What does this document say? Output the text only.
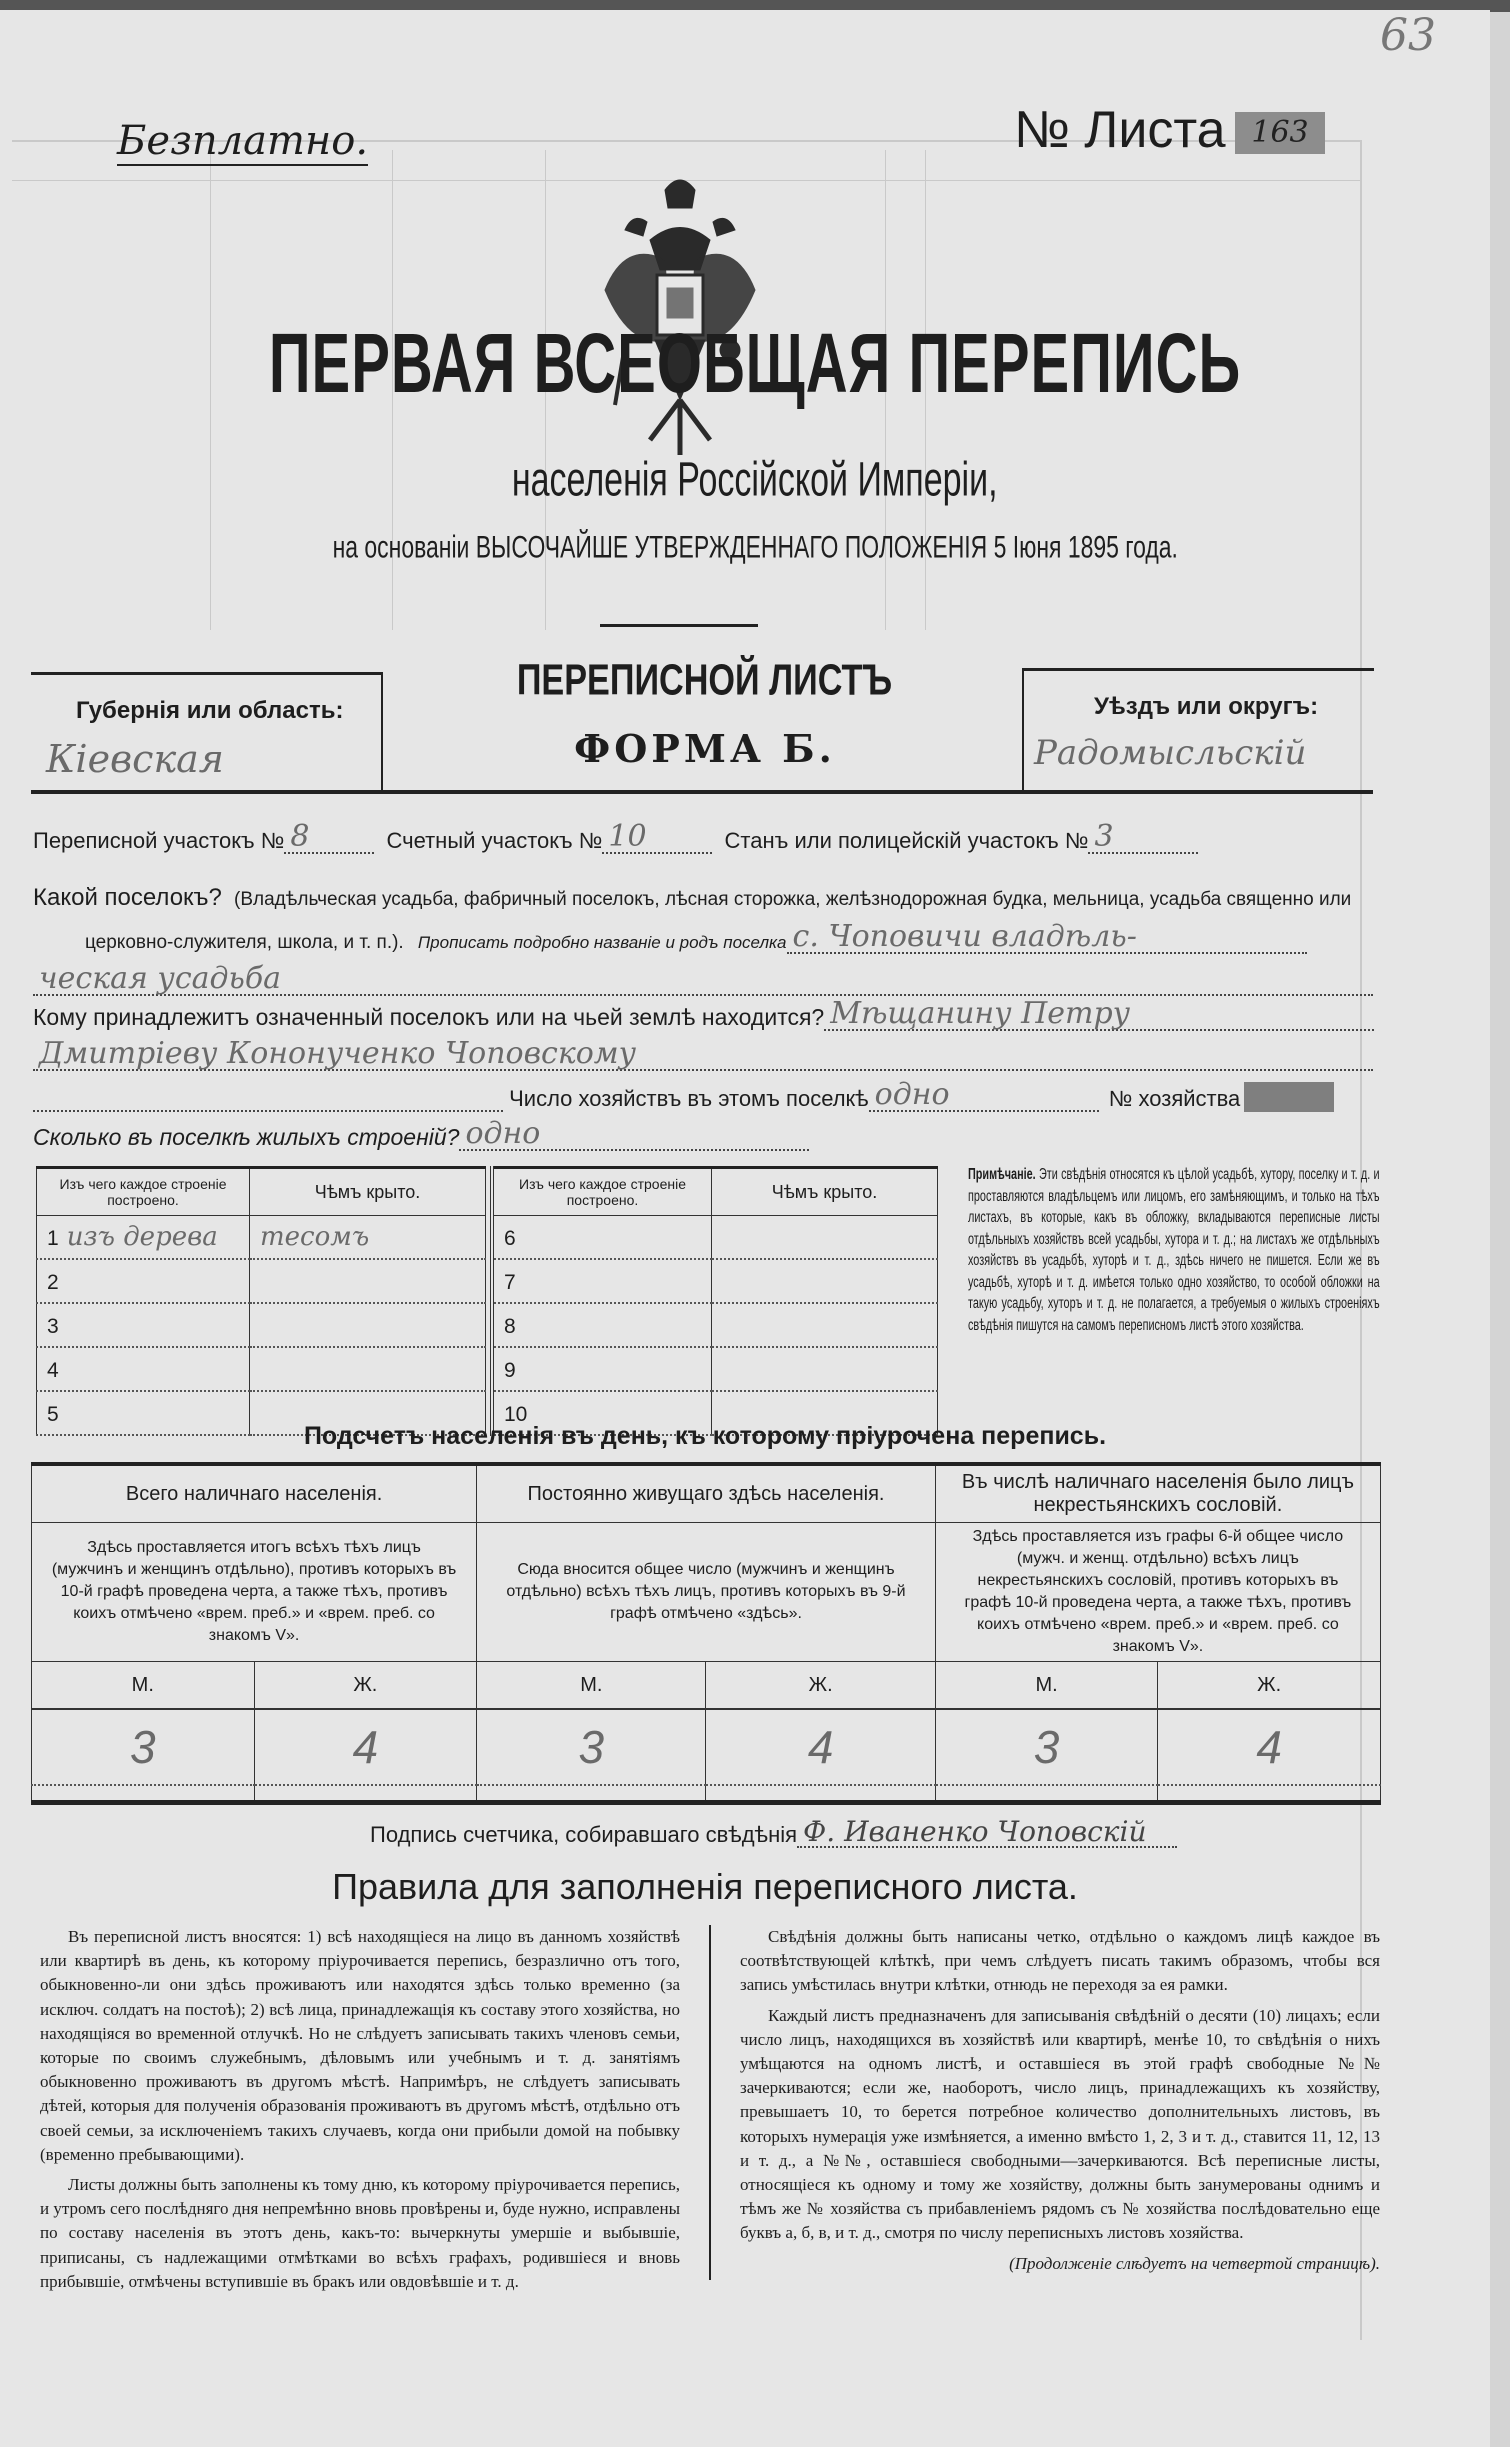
63
Безплатно.	№ Листа 163
ПЕРВАЯ ВСЕОБЩАЯ ПЕРЕПИСЬ
населенія Россійской Имперіи,
на основаніи ВЫСОЧАЙШЕ УТВЕРЖДЕННАГО ПОЛОЖЕНІЯ 5 Іюня 1895 года.
Губернія или область:
Кіевская
ПЕРЕПИСНОЙ ЛИСТЪ
ФОРМА Б.
Уѣздъ или округъ:
Радомысльскій
Переписной участокъ № 8	Счетный участокъ № 10	Станъ или полицейскій участокъ № 3
Какой поселокъ? (Владѣльческая усадьба, фабричный поселокъ, лѣсная сторожка, желѣзнодорожная будка, мельница, усадьба священно или
церковно-служителя, школа, и т. п.). Прописать подробно названіе и родъ поселка с. Чоповичи владѣль-
ческая усадьба
Кому принадлежитъ означенный поселокъ или на чьей землѣ находится? Мѣщанину Петру
Дмитріеву Кононученко Чоповскому
Число хозяйствъ въ этомъ поселкѣ одно	№ хозяйства
Сколько въ поселкѣ жилыхъ строеній? одно
Изъ чего каждое строеніе построено.	Чѣмъ крыто.
1 изъ дерева	тесомъ
2	
3	
4	
5	
Изъ чего каждое строеніе построено.	Чѣмъ крыто.
6	
7	
8	
9	
10	
Примѣчаніе. Эти свѣдѣнія относятся къ цѣлой усадьбѣ, хутору, поселку и т. д. и проставляются владѣльцемъ или лицомъ, его замѣняющимъ, и только на тѣхъ листахъ, въ которые, какъ въ обложку, вкладываются переписные листы отдѣльныхъ хозяйствъ всей усадьбы, хутора и т. д.; на листахъ же отдѣльныхъ хозяйствъ въ усадьбѣ, хуторѣ и т. д., здѣсь ничего не пишется. Если же въ усадьбѣ, хуторѣ и т. д. имѣется только одно хозяйство, то особой обложки на такую усадьбу, хуторъ и т. д. не полагается, а требуемыя о жилыхъ строеніяхъ свѣдѣнія пишутся на самомъ переписномъ листѣ этого хозяйства.
Подсчетъ населенія въ день, къ которому пріурочена перепись.
Всего наличнаго населенія.		Постоянно живущаго здѣсь населенія.		Въ числѣ наличнаго населенія было лицъ некрестьянскихъ сословій.	
Здѣсь проставляется итогъ всѣхъ тѣхъ лицъ (мужчинъ и женщинъ отдѣльно), противъ которыхъ въ 10-й графѣ проведена черта, а также тѣхъ, противъ коихъ отмѣчено «врем. преб.» и «врем. преб. со знакомъ V».		Сюда вносится общее число (мужчинъ и женщинъ отдѣльно) всѣхъ тѣхъ лицъ, противъ которыхъ въ 9-й графѣ отмѣчено «здѣсь».		Здѣсь проставляется изъ графы 6-й общее число (мужч. и женщ. отдѣльно) всѣхъ лицъ некрестьянскихъ сословій, противъ которыхъ въ графѣ 10-й проведена черта, а также тѣхъ, противъ коихъ отмѣчено «врем. преб.» и «врем. преб. со знакомъ V».	
М.	Ж.	М.	Ж.	М.	Ж.
3	4	3	4	3	4

Подпись счетчика, собиравшаго свѣдѣнія Ф. Иваненко Чоповскій
Правила для заполненія переписного листа.

Въ переписной листъ вносятся: 1) всѣ находящіеся на лицо въ данномъ хозяйствѣ или квартирѣ въ день, къ которому пріурочивается перепись, безразлично отъ того, обыкновенно-ли они здѣсь проживаютъ или находятся здѣсь только временно (за исключ. солдатъ на постоѣ); 2) всѣ лица, принадлежащія къ составу этого хозяйства, но находящіяся во временной отлучкѣ. Но не слѣдуетъ записывать такихъ членовъ семьи, которые по своимъ служебнымъ, дѣловымъ или учебнымъ и т. д. занятіямъ обыкновенно проживаютъ въ другомъ мѣстѣ. Напримѣръ, не слѣдуетъ записывать дѣтей, которыя для полученія образованія проживаютъ въ другомъ мѣстѣ, отдѣльно отъ своей семьи, за исключеніемъ такихъ случаевъ, когда они прибыли домой на побывку (временно пребывающими).

Листы должны быть заполнены къ тому дню, къ которому пріурочивается перепись, и утромъ сего послѣдняго дня непремѣнно вновь провѣрены и, буде нужно, исправлены по составу населенія въ этотъ день, какъ-то: вычеркнуты умершіе и выбывшіе, приписаны, съ надлежащими отмѣтками во всѣхъ графахъ, родившіеся и вновь прибывшіе, отмѣчены вступившіе въ бракъ или овдовѣвшіе и т. д.

Свѣдѣнія должны быть написаны четко, отдѣльно о каждомъ лицѣ каждое въ соотвѣтствующей клѣткѣ, при чемъ слѣдуетъ писать такимъ образомъ, чтобы вся запись умѣстилась внутри клѣтки, отнюдь не переходя за ея рамки.

Каждый листъ предназначенъ для записыванія свѣдѣній о десяти (10) лицахъ; если число лицъ, находящихся въ хозяйствѣ или квартирѣ, менѣе 10, то свѣдѣнія о нихъ умѣщаются на одномъ листѣ, и оставшіеся въ этой графѣ свободные №№ зачеркиваются; если же, наоборотъ, число лицъ, принадлежащихъ къ хозяйству, превышаетъ 10, то берется потребное количество дополнительныхъ листовъ, въ которыхъ нумерація уже измѣняется, а именно вмѣсто 1, 2, 3 и т. д., ставится 11, 12, 13 и т. д., а №№, оставшіеся свободными—зачеркиваются. Всѣ переписные листы, относящіеся къ одному и тому же хозяйству, должны быть занумерованы однимъ и тѣмъ же № хозяйства съ прибавленіемъ рядомъ съ № хозяйства послѣдовательно еще буквъ а, б, в, и т. д., смотря по числу переписныхъ листовъ хозяйства.

(Продолженіе слѣдуетъ на четвертой страницѣ).
